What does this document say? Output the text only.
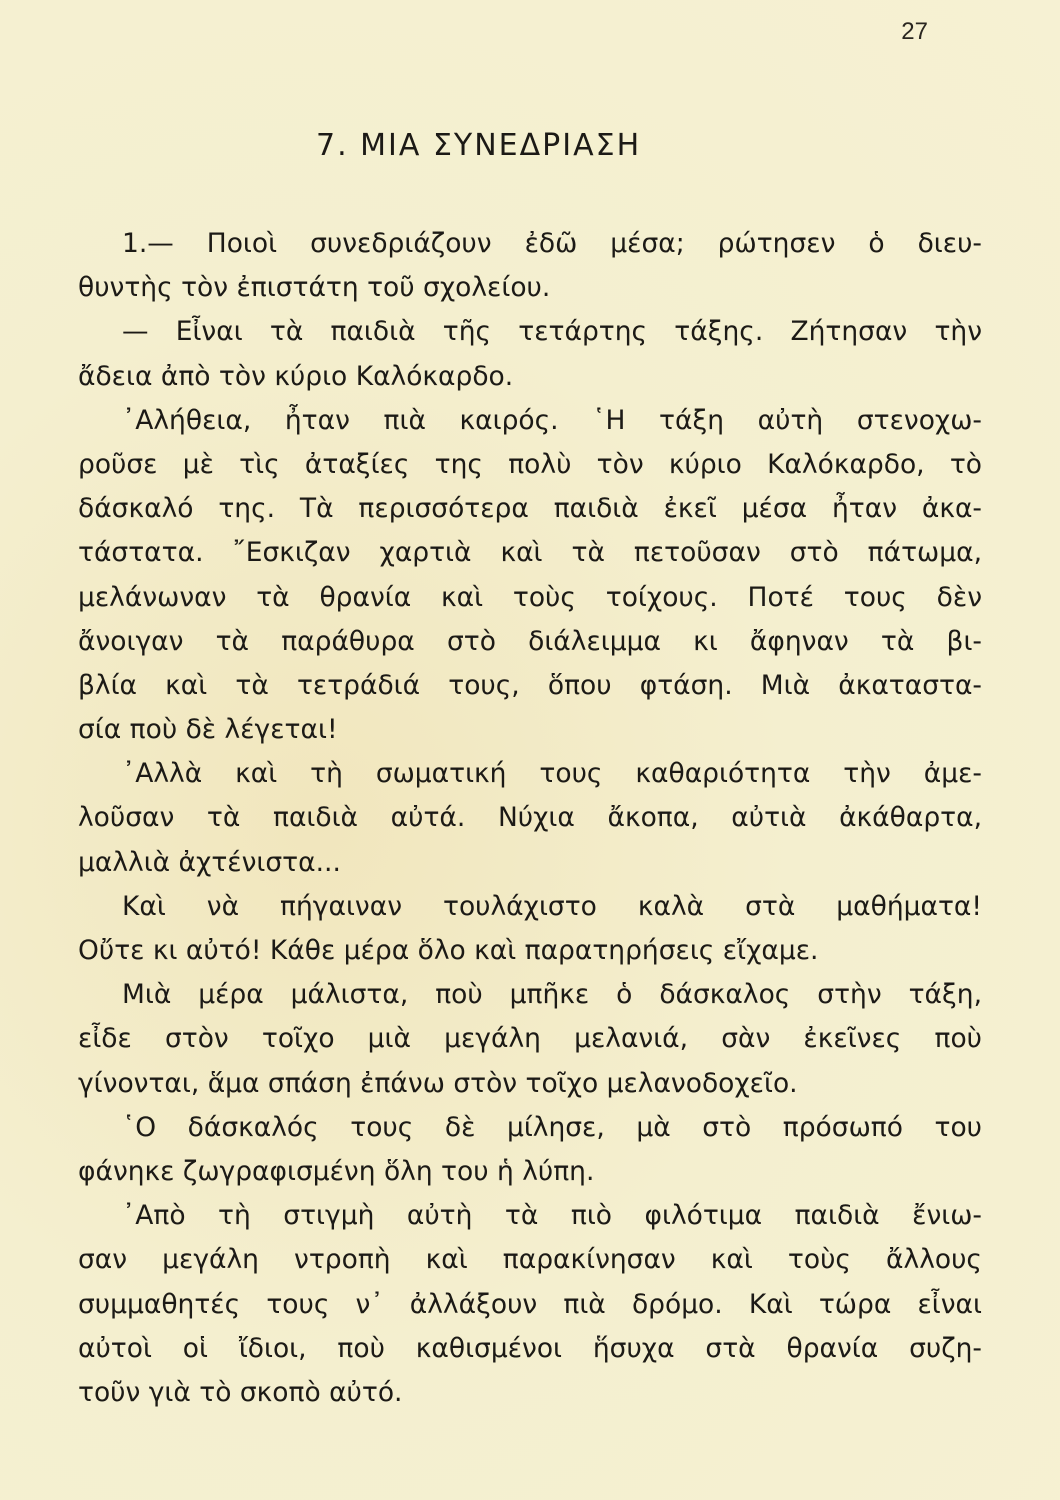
27
7. ΜΙΑ ΣΥΝΕΔΡΙΑΣΗ
1.— Ποιοὶ συνεδριάζουν ἐδῶ μέσα; ρώτησεν ὁ διευ-
θυντὴς τὸν ἐπιστάτη τοῦ σχολείου.
— Εἶναι τὰ παιδιὰ τῆς τετάρτης τάξης. Ζήτησαν τὴν
ἄδεια ἀπὸ τὸν κύριο Καλόκαρδο.
᾿Αλήθεια, ἦταν πιὰ καιρός. ῾Η τάξη αὐτὴ στενοχω-
ροῦσε μὲ τὶς ἀταξίες της πολὺ τὸν κύριο Καλόκαρδο, τὸ
δάσκαλό της. Τὰ περισσότερα παιδιὰ ἐκεῖ μέσα ἦταν ἀκα-
τάστατα. ῎Εσκιζαν χαρτιὰ καὶ τὰ πετοῦσαν στὸ πάτωμα,
μελάνωναν τὰ θρανία καὶ τοὺς τοίχους. Ποτέ τους δὲν
ἄνοιγαν τὰ παράθυρα στὸ διάλειμμα κι ἄφηναν τὰ βι-
βλία καὶ τὰ τετράδιά τους, ὅπου φτάση. Μιὰ ἀκαταστα-
σία ποὺ δὲ λέγεται!
᾿Αλλὰ καὶ τὴ σωματική τους καθαριότητα τὴν ἀμε-
λοῦσαν τὰ παιδιὰ αὐτά. Νύχια ἄκοπα, αὐτιὰ ἀκάθαρτα,
μαλλιὰ ἀχτένιστα...
Καὶ νὰ πήγαιναν τουλάχιστο καλὰ στὰ μαθήματα!
Οὔτε κι αὐτό! Κάθε μέρα ὅλο καὶ παρατηρήσεις εἴχαμε.
Μιὰ μέρα μάλιστα, ποὺ μπῆκε ὁ δάσκαλος στὴν τάξη,
εἶδε στὸν τοῖχο μιὰ μεγάλη μελανιά, σὰν ἐκεῖνες ποὺ
γίνονται, ἅμα σπάση ἐπάνω στὸν τοῖχο μελανοδοχεῖο.
῾Ο δάσκαλός τους δὲ μίλησε, μὰ στὸ πρόσωπό του
φάνηκε ζωγραφισμένη ὅλη του ἡ λύπη.
᾿Απὸ τὴ στιγμὴ αὐτὴ τὰ πιὸ φιλότιμα παιδιὰ ἔνιω-
σαν μεγάλη ντροπὴ καὶ παρακίνησαν καὶ τοὺς ἄλλους
συμμαθητές τους ν᾿ ἀλλάξουν πιὰ δρόμο. Καὶ τώρα εἶναι
αὐτοὶ οἱ ἴδιοι, ποὺ καθισμένοι ἥσυχα στὰ θρανία συζη-
τοῦν γιὰ τὸ σκοπὸ αὐτό.
